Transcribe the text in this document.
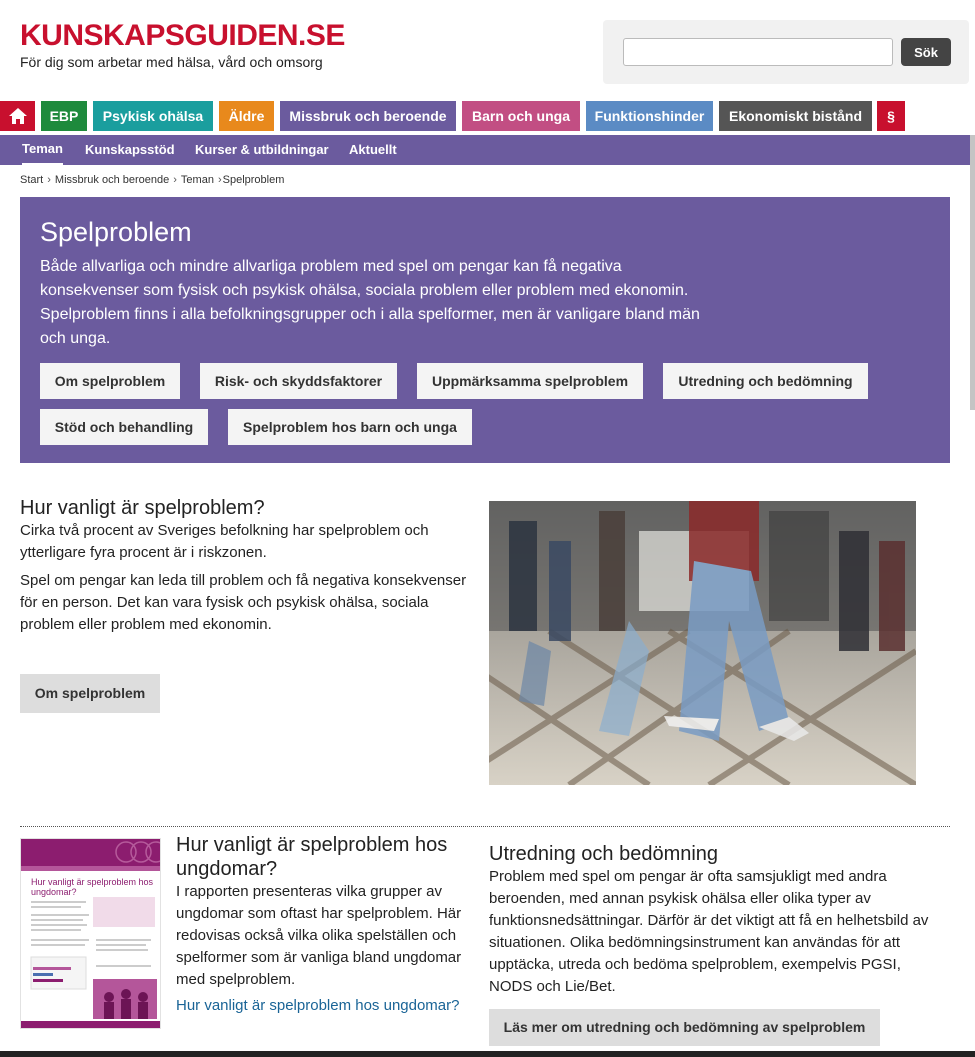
KUNSKAPSGUIDEN.SE
För dig som arbetar med hälsa, vård och omsorg
Sök
EBP	Psykisk ohälsa	Äldre	Missbruk och beroende	Barn och unga	Funktionshinder	Ekonomiskt bistånd	§
Teman Kunskapsstöd Kurser & utbildningar Aktuellt
Start › Missbruk och beroende › Teman ›Spelproblem
Spelproblem

Både allvarliga och mindre allvarliga problem med spel om pengar kan få negativa konsekvenser som fysisk och psykisk ohälsa, sociala problem eller problem med ekonomin. Spelproblem finns i alla befolkningsgrupper och i alla spelformer, men är vanligare bland män och unga.

Om spelproblem	Risk- och skyddsfaktorer	Uppmärksamma spelproblem	Utredning och bedömning
Stöd och behandling	Spelproblem hos barn och unga
Hur vanligt är spelproblem?

Cirka två procent av Sveriges befolkning har spelproblem och ytterligare fyra procent är i riskzonen.

Spel om pengar kan leda till problem och få negativa konsekvenser för en person. Det kan vara fysisk och psykisk ohälsa, sociala problem eller problem med ekonomin.

Om spelproblem
Hur vanligt är spelproblem hos ungdomar?
Hur vanligt är spelproblem hos ungdomar?

I rapporten presenteras vilka grupper av ungdomar som oftast har spelproblem. Här redovisas också vilka olika spelställen och spelformer som är vanliga bland ungdomar med spelproblem.

Hur vanligt är spelproblem hos ungdomar?
Utredning och bedömning

Problem med spel om pengar är ofta samsjukligt med andra beroenden, med annan psykisk ohälsa eller olika typer av funktionsnedsättningar. Därför är det viktigt att få en helhetsbild av situationen. Olika bedömningsinstrument kan användas för att upptäcka, utreda och bedöma spelproblem, exempelvis PGSI, NODS och Lie/Bet.

Läs mer om utredning och bedömning av spelproblem
